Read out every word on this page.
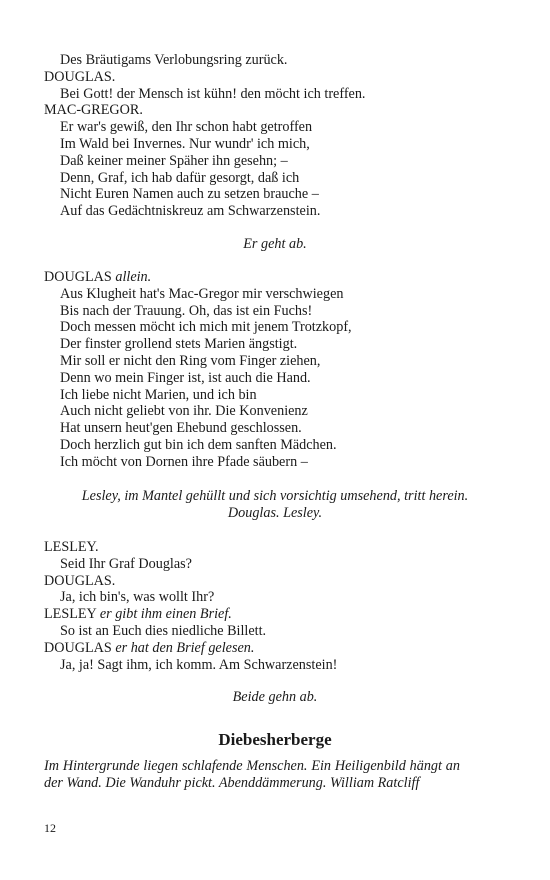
Des Bräutigams Verlobungsring zurück.
DOUGLAS.
Bei Gott! der Mensch ist kühn! den möcht ich treffen.
MAC-GREGOR.
Er war's gewiß, den Ihr schon habt getroffen
Im Wald bei Invernes. Nur wundr' ich mich,
Daß keiner meiner Späher ihn gesehn; –
Denn, Graf, ich hab dafür gesorgt, daß ich
Nicht Euren Namen auch zu setzen brauche –
Auf das Gedächtniskreuz am Schwarzenstein.
Er geht ab.
DOUGLAS allein.
Aus Klugheit hat's Mac-Gregor mir verschwiegen
Bis nach der Trauung. Oh, das ist ein Fuchs!
Doch messen möcht ich mich mit jenem Trotzkopf,
Der finster grollend stets Marien ängstigt.
Mir soll er nicht den Ring vom Finger ziehen,
Denn wo mein Finger ist, ist auch die Hand.
Ich liebe nicht Marien, und ich bin
Auch nicht geliebt von ihr. Die Konvenienz
Hat unsern heut'gen Ehebund geschlossen.
Doch herzlich gut bin ich dem sanften Mädchen.
Ich möcht von Dornen ihre Pfade säubern –
Lesley, im Mantel gehüllt und sich vorsichtig umsehend, tritt herein.
Douglas. Lesley.
LESLEY.
Seid Ihr Graf Douglas?
DOUGLAS.
Ja, ich bin's, was wollt Ihr?
LESLEY er gibt ihm einen Brief.
So ist an Euch dies niedliche Billett.
DOUGLAS er hat den Brief gelesen.
Ja, ja! Sagt ihm, ich komm. Am Schwarzenstein!
Beide gehn ab.
Diebesherberge
Im Hintergrunde liegen schlafende Menschen. Ein Heiligenbild hängt an der Wand. Die Wanduhr pickt. Abenddämmerung. William Ratcliff
12
